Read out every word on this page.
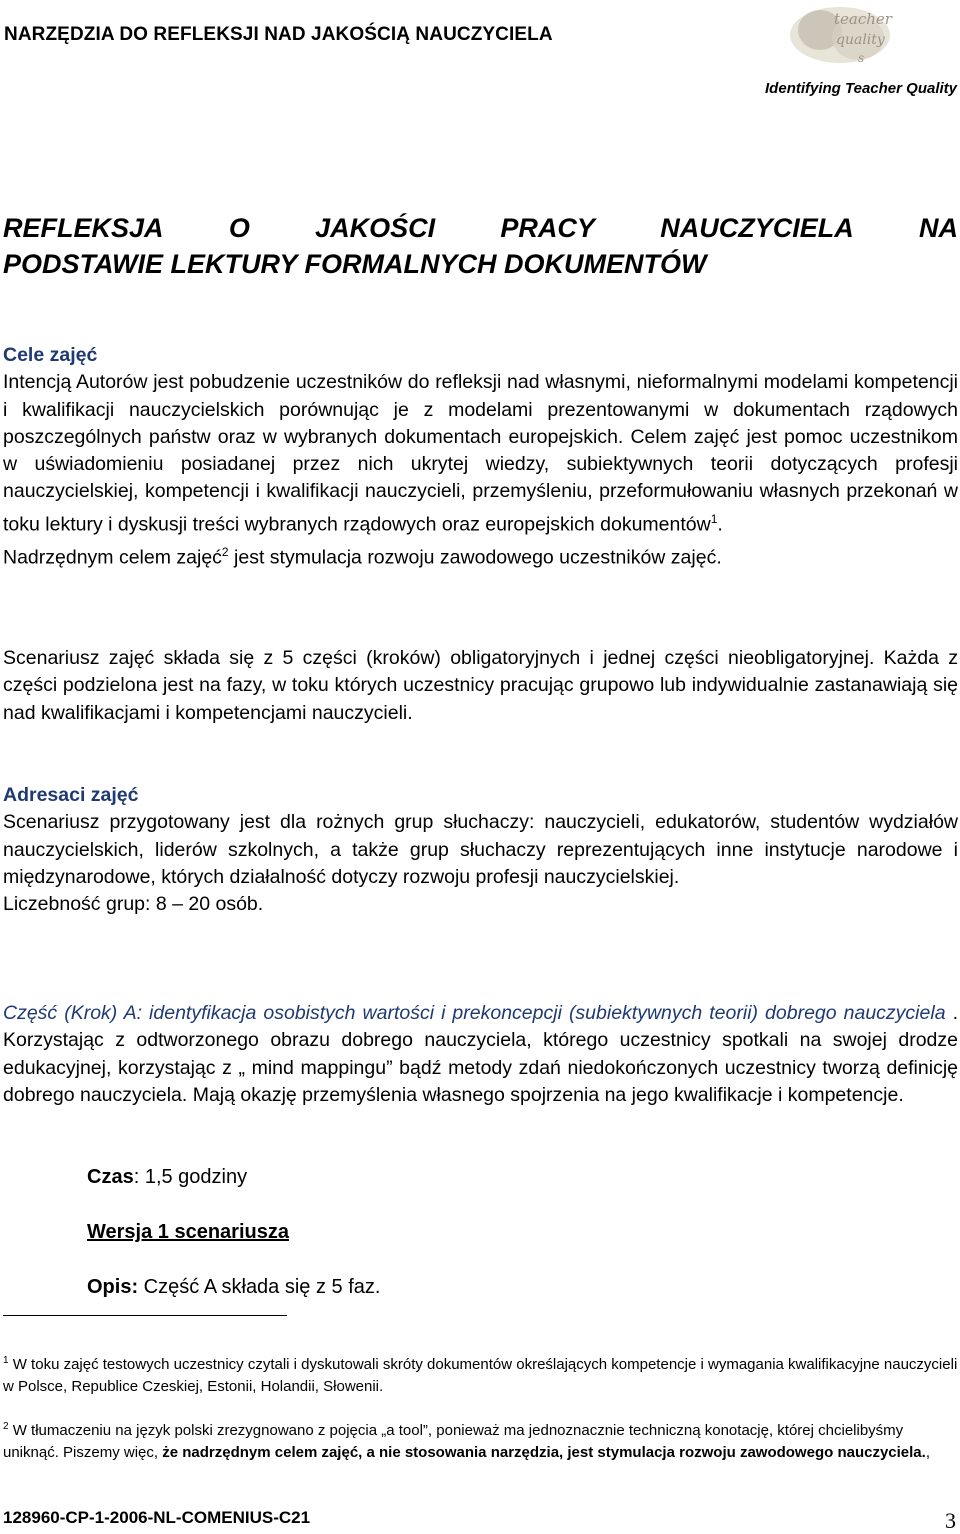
NARZĘDZIA DO REFLEKSJI NAD JAKOŚCIĄ NAUCZYCIELA
teacher
quality
s
Identifying Teacher Quality
REFLEKSJA O JAKOŚCI PRACY NAUCZYCIELA NA
PODSTAWIE LEKTURY FORMALNYCH DOKUMENTÓW

Cele zajęć

Intencją Autorów jest pobudzenie uczestników do refleksji nad własnymi, nieformalnymi modelami kompetencji i kwalifikacji nauczycielskich porównując je z modelami prezentowanymi w dokumentach rządowych poszczególnych państw oraz w wybranych dokumentach europejskich. Celem zajęć jest pomoc uczestnikom w uświadomieniu posiadanej przez nich ukrytej wiedzy, subiektywnych teorii dotyczących profesji nauczycielskiej, kompetencji i kwalifikacji nauczycieli, przemyśleniu, przeformułowaniu własnych przekonań w toku lektury i dyskusji treści wybranych rządowych oraz europejskich dokumentów$^1$.

Nadrzędnym celem zajęć$^2$ jest stymulacja rozwoju zawodowego uczestników zajęć.

Scenariusz zajęć składa się z 5 części (kroków) obligatoryjnych i jednej części nieobligatoryjnej. Każda z części podzielona jest na fazy, w toku których uczestnicy pracując grupowo lub indywidualnie zastanawiają się nad kwalifikacjami i kompetencjami nauczycieli.

Adresaci zajęć

Scenariusz przygotowany jest dla rożnych grup słuchaczy: nauczycieli, edukatorów, studentów wydziałów nauczycielskich, liderów szkolnych, a także grup słuchaczy reprezentujących inne instytucje narodowe i międzynarodowe, których działalność dotyczy rozwoju profesji nauczycielskiej.

Liczebność grup: 8 – 20 osób.

Część (Krok) A: identyfikacja osobistych wartości i prekoncepcji (subiektywnych teorii) dobrego nauczyciela . Korzystając z odtworzonego obrazu dobrego nauczyciela, którego uczestnicy spotkali na swojej drodze edukacyjnej, korzystając z „ mind mappingu” bądź metody zdań niedokończonych uczestnicy tworzą definicję dobrego nauczyciela. Mają okazję przemyślenia własnego spojrzenia na jego kwalifikacje i kompetencje.
Czas: 1,5 godziny
Wersja 1 scenariusza
Opis: Część A składa się z 5 faz.
$^1$ W toku zajęć testowych uczestnicy czytali i dyskutowali skróty dokumentów określających kompetencje i wymagania kwalifikacyjne nauczycieli w Polsce, Republice Czeskiej, Estonii, Holandii, Słowenii.
$^2$ W tłumaczeniu na język polski zrezygnowano z pojęcia „a tool”, ponieważ ma jednoznacznie techniczną konotację, której chcielibyśmy uniknąć. Piszemy więc, że nadrzędnym celem zajęć, a nie stosowania narzędzia, jest stymulacja rozwoju zawodowego nauczyciela.,
128960-CP-1-2006-NL-COMENIUS-C21	3
